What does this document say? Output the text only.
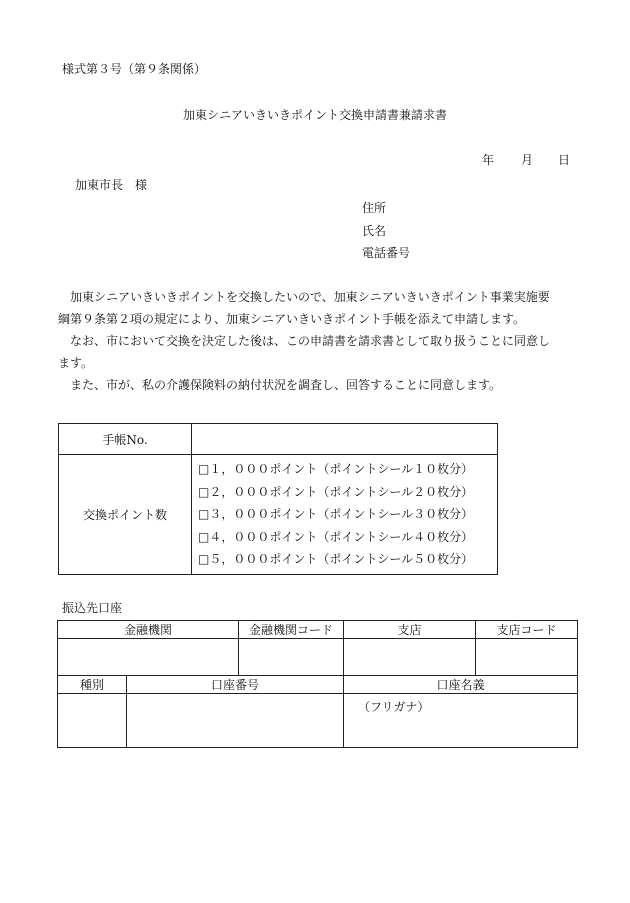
様式第３号（第９条関係）
加東シニアいきいきポイント交換申請書兼請求書
年 月 日
加東市長　様
住所
氏名
電話番号

加東シニアいきいきポイントを交換したいので、加東シニアいきいきポイント事業実施要

綱第９条第２項の規定により、加東シニアいきいきポイント手帳を添えて申請します。

なお、市において交換を決定した後は、この申請書を請求書として取り扱うことに同意し

ます。

また、市が、私の介護保険料の納付状況を調査し、回答することに同意します。

手帳No.	
交換ポイント数	□１，０００ポイント（ポイントシール１０枚分）
□２，０００ポイント（ポイントシール２０枚分）
□３，０００ポイント（ポイントシール３０枚分）
□４，０００ポイント（ポイントシール４０枚分）
□５，０００ポイント（ポイントシール５０枚分）
振込先口座
金融機関		金融機関コード	支店	支店コード

種別	口座番号		口座名義	
			（フリガナ）	
